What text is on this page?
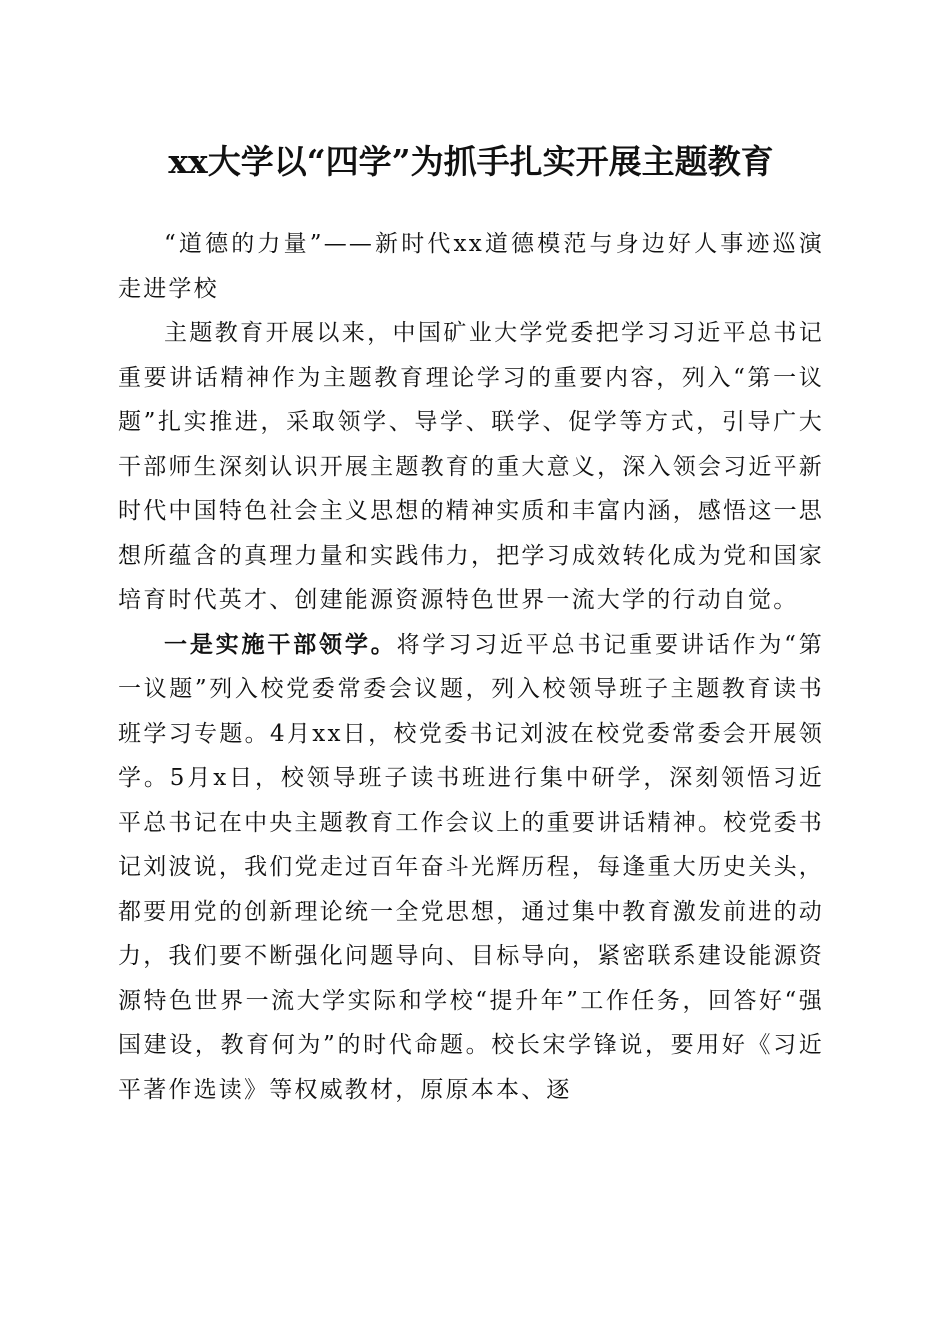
xx大学以“四学”为抓手扎实开展主题教育

“道德的力量”——新时代xx道德模范与身边好人事迹巡演走进学校

主题教育开展以来，中国矿业大学党委把学习习近平总书记重要讲话精神作为主题教育理论学习的重要内容，列入“第一议题”扎实推进，采取领学、导学、联学、促学等方式，引导广大干部师生深刻认识开展主题教育的重大意义，深入领会习近平新时代中国特色社会主义思想的精神实质和丰富内涵，感悟这一思想所蕴含的真理力量和实践伟力，把学习成效转化成为党和国家培育时代英才、创建能源资源特色世界一流大学的行动自觉。

一是实施干部领学。将学习习近平总书记重要讲话作为“第一议题”列入校党委常委会议题，列入校领导班子主题教育读书班学习专题。4月xx日，校党委书记刘波在校党委常委会开展领学。5月x日，校领导班子读书班进行集中研学，深刻领悟习近平总书记在中央主题教育工作会议上的重要讲话精神。校党委书记刘波说，我们党走过百年奋斗光辉历程，每逢重大历史关头，都要用党的创新理论统一全党思想，通过集中教育激发前进的动力，我们要不断强化问题导向、目标导向，紧密联系建设能源资源特色世界一流大学实际和学校“提升年”工作任务，回答好“强国建设，教育何为”的时代命题。校长宋学锋说，要用好《习近平著作选读》等权威教材，原原本本、逐
